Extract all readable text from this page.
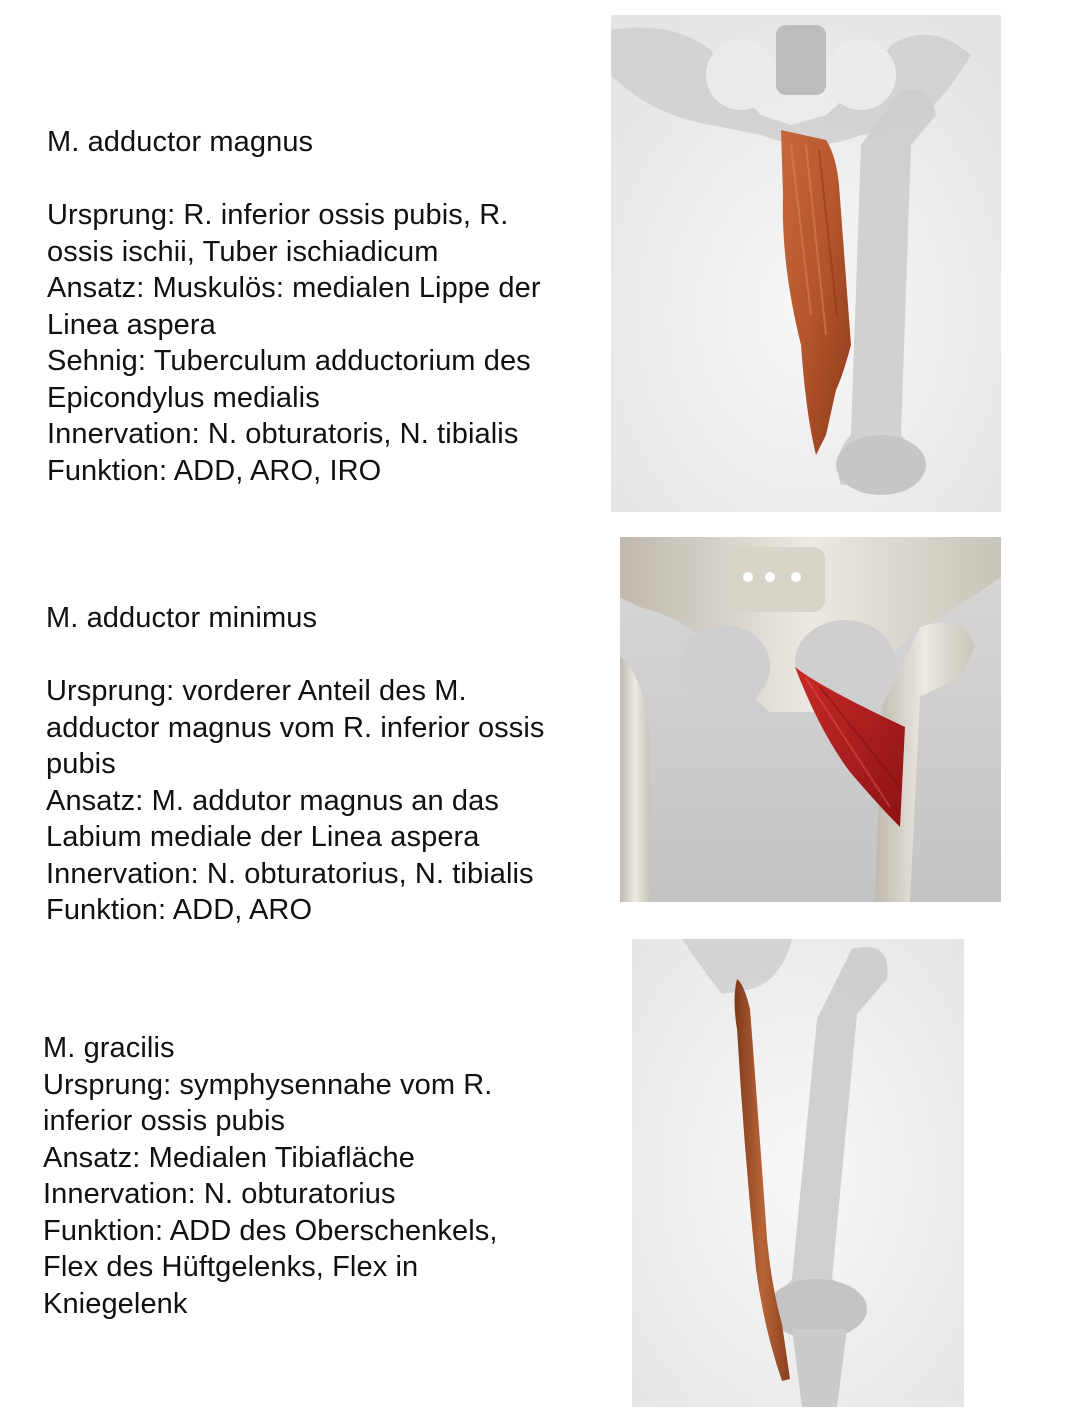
M. adductor magnus
Ursprung: R. inferior ossis pubis, R.
ossis ischii, Tuber ischiadicum
Ansatz: Muskulös: medialen Lippe der
Linea aspera
Sehnig: Tuberculum adductorium des
Epicondylus medialis
Innervation: N. obturatoris, N. tibialis
Funktion: ADD, ARO, IRO
M. adductor minimus
Ursprung: vorderer Anteil des M.
adductor magnus vom R. inferior ossis
pubis
Ansatz: M. addutor magnus an das
Labium mediale der Linea aspera
Innervation: N. obturatorius, N. tibialis
Funktion: ADD, ARO
M. gracilis
Ursprung: symphysennahe vom R.
inferior ossis pubis
Ansatz: Medialen Tibiafläche
Innervation: N. obturatorius
Funktion: ADD des Oberschenkels,
Flex des Hüftgelenks, Flex in
Kniegelenk
